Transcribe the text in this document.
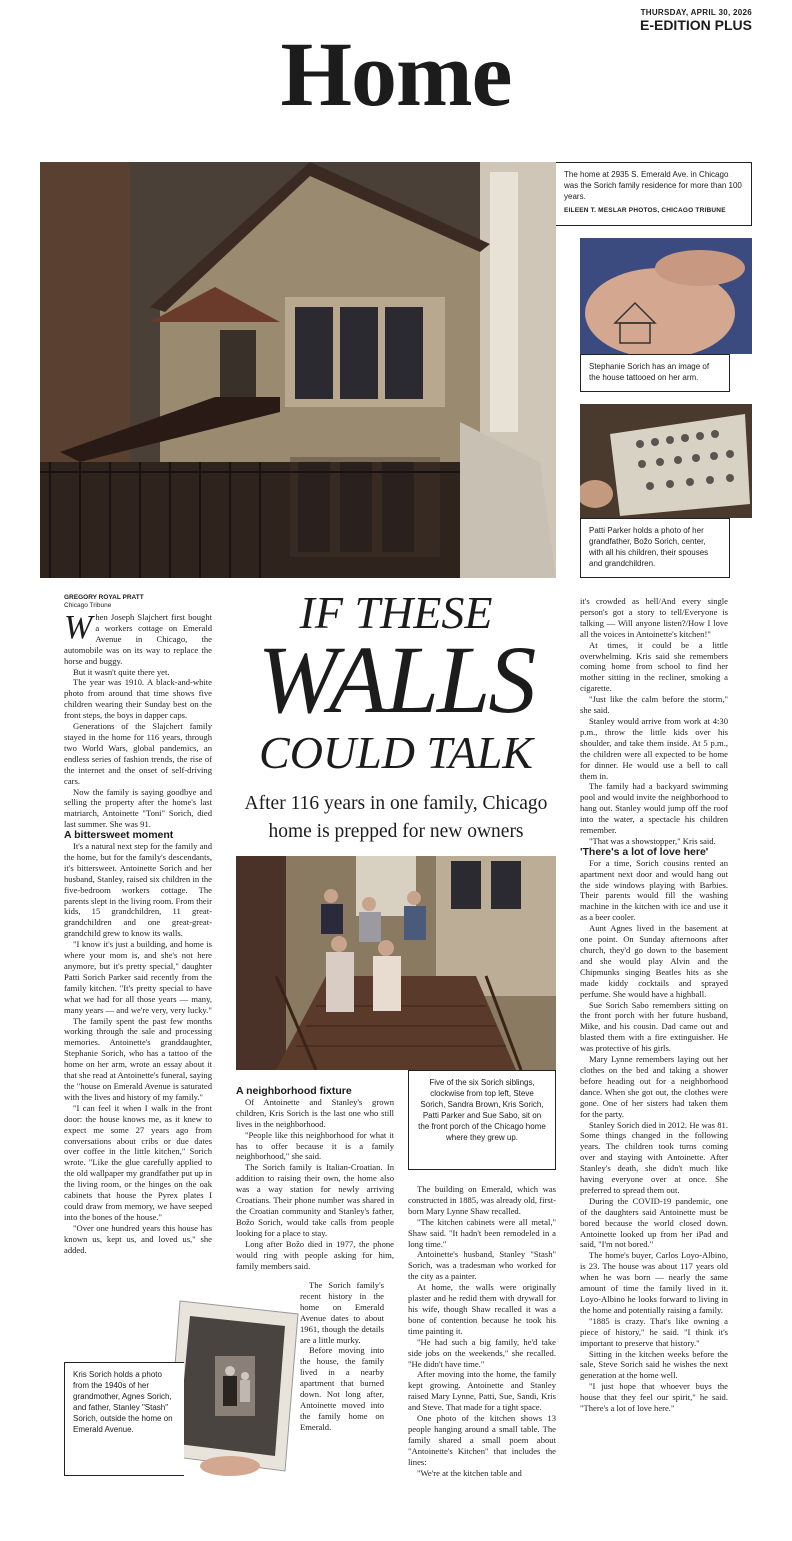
THURSDAY, APRIL 30, 2026
E-EDITION PLUS
Home
The home at 2935 S. Emerald Ave. in Chicago was the Sorich family residence for more than 100 years.
EILEEN T. MESLAR PHOTOS, CHICAGO TRIBUNE
Stephanie Sorich has an image of the house tattooed on her arm.
Patti Parker holds a photo of her grandfather, Božo Sorich, center, with all his children, their spouses and grandchildren.
GREGORY ROYAL PRATT
Chicago Tribune

When Joseph Slajchert first bought a workers cottage on Emerald Avenue in Chicago, the automobile was on its way to replace the horse and buggy.

But it wasn't quite there yet.

The year was 1910. A black-and-white photo from around that time shows five children wearing their Sunday best on the front steps, the boys in dapper caps.

Generations of the Slajchert family stayed in the home for 116 years, through two World Wars, global pandemics, an endless series of fashion trends, the rise of the internet and the onset of self-driving cars.

Now the family is saying goodbye and selling the property after the home's last matriarch, Antoinette "Toni" Sorich, died last summer. She was 91.

A bittersweet moment

It's a natural next step for the family and the home, but for the family's descendants, it's bittersweet. Antoinette Sorich and her husband, Stanley, raised six children in the five-bedroom workers cottage. The parents slept in the living room. From their kids, 15 grandchildren, 11 great-grandchildren and one great-great-grandchild grew to know its walls.

"I know it's just a building, and home is where your mom is, and she's not here anymore, but it's pretty special," daughter Patti Sorich Parker said recently from the family kitchen. "It's pretty special to have what we had for all those years — many, many years — and we're very, very lucky."

The family spent the past few months working through the sale and processing memories. Antoinette's granddaughter, Stephanie Sorich, who has a tattoo of the home on her arm, wrote an essay about it that she read at Antoinette's funeral, saying the "house on Emerald Avenue is saturated with the lives and history of my family."

"I can feel it when I walk in the front door: the house knows me, as it knew to expect me some 27 years ago from conversations about cribs or due dates over coffee in the little kitchen," Sorich wrote. "Like the glue carefully applied to the old wallpaper my grandfather put up in the living room, or the hinges on the oak cabinets that house the Pyrex plates I could draw from memory, we have seeped into the bones of the house."

"Over one hundred years this house has known us, kept us, and loved us," she added.

IF THESE
WALLS
COULD TALK
After 116 years in one family, Chicago home is prepped for new owners
Five of the six Sorich siblings, clockwise from top left, Steve Sorich, Sandra Brown, Kris Sorich, Patti Parker and Sue Sabo, sit on the front porch of the Chicago home where they grew up.

A neighborhood fixture

Of Antoinette and Stanley's grown children, Kris Sorich is the last one who still lives in the neighborhood.

"People like this neighborhood for what it has to offer because it is a family neighborhood," she said.

The Sorich family is Italian-Croatian. In addition to raising their own, the home also was a way station for newly arriving Croatians. Their phone number was shared in the Croatian community and Stanley's father, Božo Sorich, would take calls from people looking for a place to stay.

Long after Božo died in 1977, the phone would ring with people asking for him, family members said.

The Sorich family's recent history in the home on Emerald Avenue dates to about 1961, though the details are a little murky.

Before moving into the house, the family lived in a nearby apartment that burned down. Not long after, Antoinette moved into the family home on Emerald.

Kris Sorich holds a photo from the 1940s of her grandmother, Agnes Sorich, and father, Stanley "Stash" Sorich, outside the home on Emerald Avenue.

The building on Emerald, which was constructed in 1885, was already old, first-born Mary Lynne Shaw recalled.

"The kitchen cabinets were all metal," Shaw said. "It hadn't been remodeled in a long time."

Antoinette's husband, Stanley "Stash" Sorich, was a tradesman who worked for the city as a painter.

At home, the walls were originally plaster and he redid them with drywall for his wife, though Shaw recalled it was a bone of contention because he took his time painting it.

"He had such a big family, he'd take side jobs on the weekends," she recalled. "He didn't have time."

After moving into the home, the family kept growing. Antoinette and Stanley raised Mary Lynne, Patti, Sue, Sandi, Kris and Steve. That made for a tight space.

One photo of the kitchen shows 13 people hanging around a small table. The family shared a small poem about "Antoinette's Kitchen" that includes the lines:

"We're at the kitchen table and

it's crowded as hell/And every single person's got a story to tell/Everyone is talking — Will anyone listen?/How I love all the voices in Antoinette's kitchen!"

At times, it could be a little overwhelming. Kris said she remembers coming home from school to find her mother sitting in the recliner, smoking a cigarette.

"Just like the calm before the storm," she said.

Stanley would arrive from work at 4:30 p.m., throw the little kids over his shoulder, and take them inside. At 5 p.m., the children were all expected to be home for dinner. He would use a bell to call them in.

The family had a backyard swimming pool and would invite the neighborhood to hang out. Stanley would jump off the roof into the water, a spectacle his children remember.

"That was a showstopper," Kris said.

'There's a lot of love here'

For a time, Sorich cousins rented an apartment next door and would hang out the side windows playing with Barbies. Their parents would fill the washing machine in the kitchen with ice and use it as a beer cooler.

Aunt Agnes lived in the basement at one point. On Sunday afternoons after church, they'd go down to the basement and she would play Alvin and the Chipmunks singing Beatles hits as she made kiddy cocktails and sprayed perfume. She would have a highball.

Sue Sorich Sabo remembers sitting on the front porch with her future husband, Mike, and his cousin. Dad came out and blasted them with a fire extinguisher. He was protective of his girls.

Mary Lynne remembers laying out her clothes on the bed and taking a shower before heading out for a neighborhood dance. When she got out, the clothes were gone. One of her sisters had taken them for the party.

Stanley Sorich died in 2012. He was 81. Some things changed in the following years. The children took turns coming over and staying with Antoinette. After Stanley's death, she didn't much like having everyone over at once. She preferred to spread them out.

During the COVID-19 pandemic, one of the daughters said Antoinette must be bored because the world closed down. Antoinette looked up from her iPad and said, "I'm not bored."

The home's buyer, Carlos Loyo-Albino, is 23. The house was about 117 years old when he was born — nearly the same amount of time the family lived in it. Loyo-Albino he looks forward to living in the home and potentially raising a family.

"1885 is crazy. That's like owning a piece of history," he said. "I think it's important to preserve that history."

Sitting in the kitchen weeks before the sale, Steve Sorich said he wishes the next generation at the home well.

"I just hope that whoever buys the house that they feel our spirit," he said. "There's a lot of love here."
